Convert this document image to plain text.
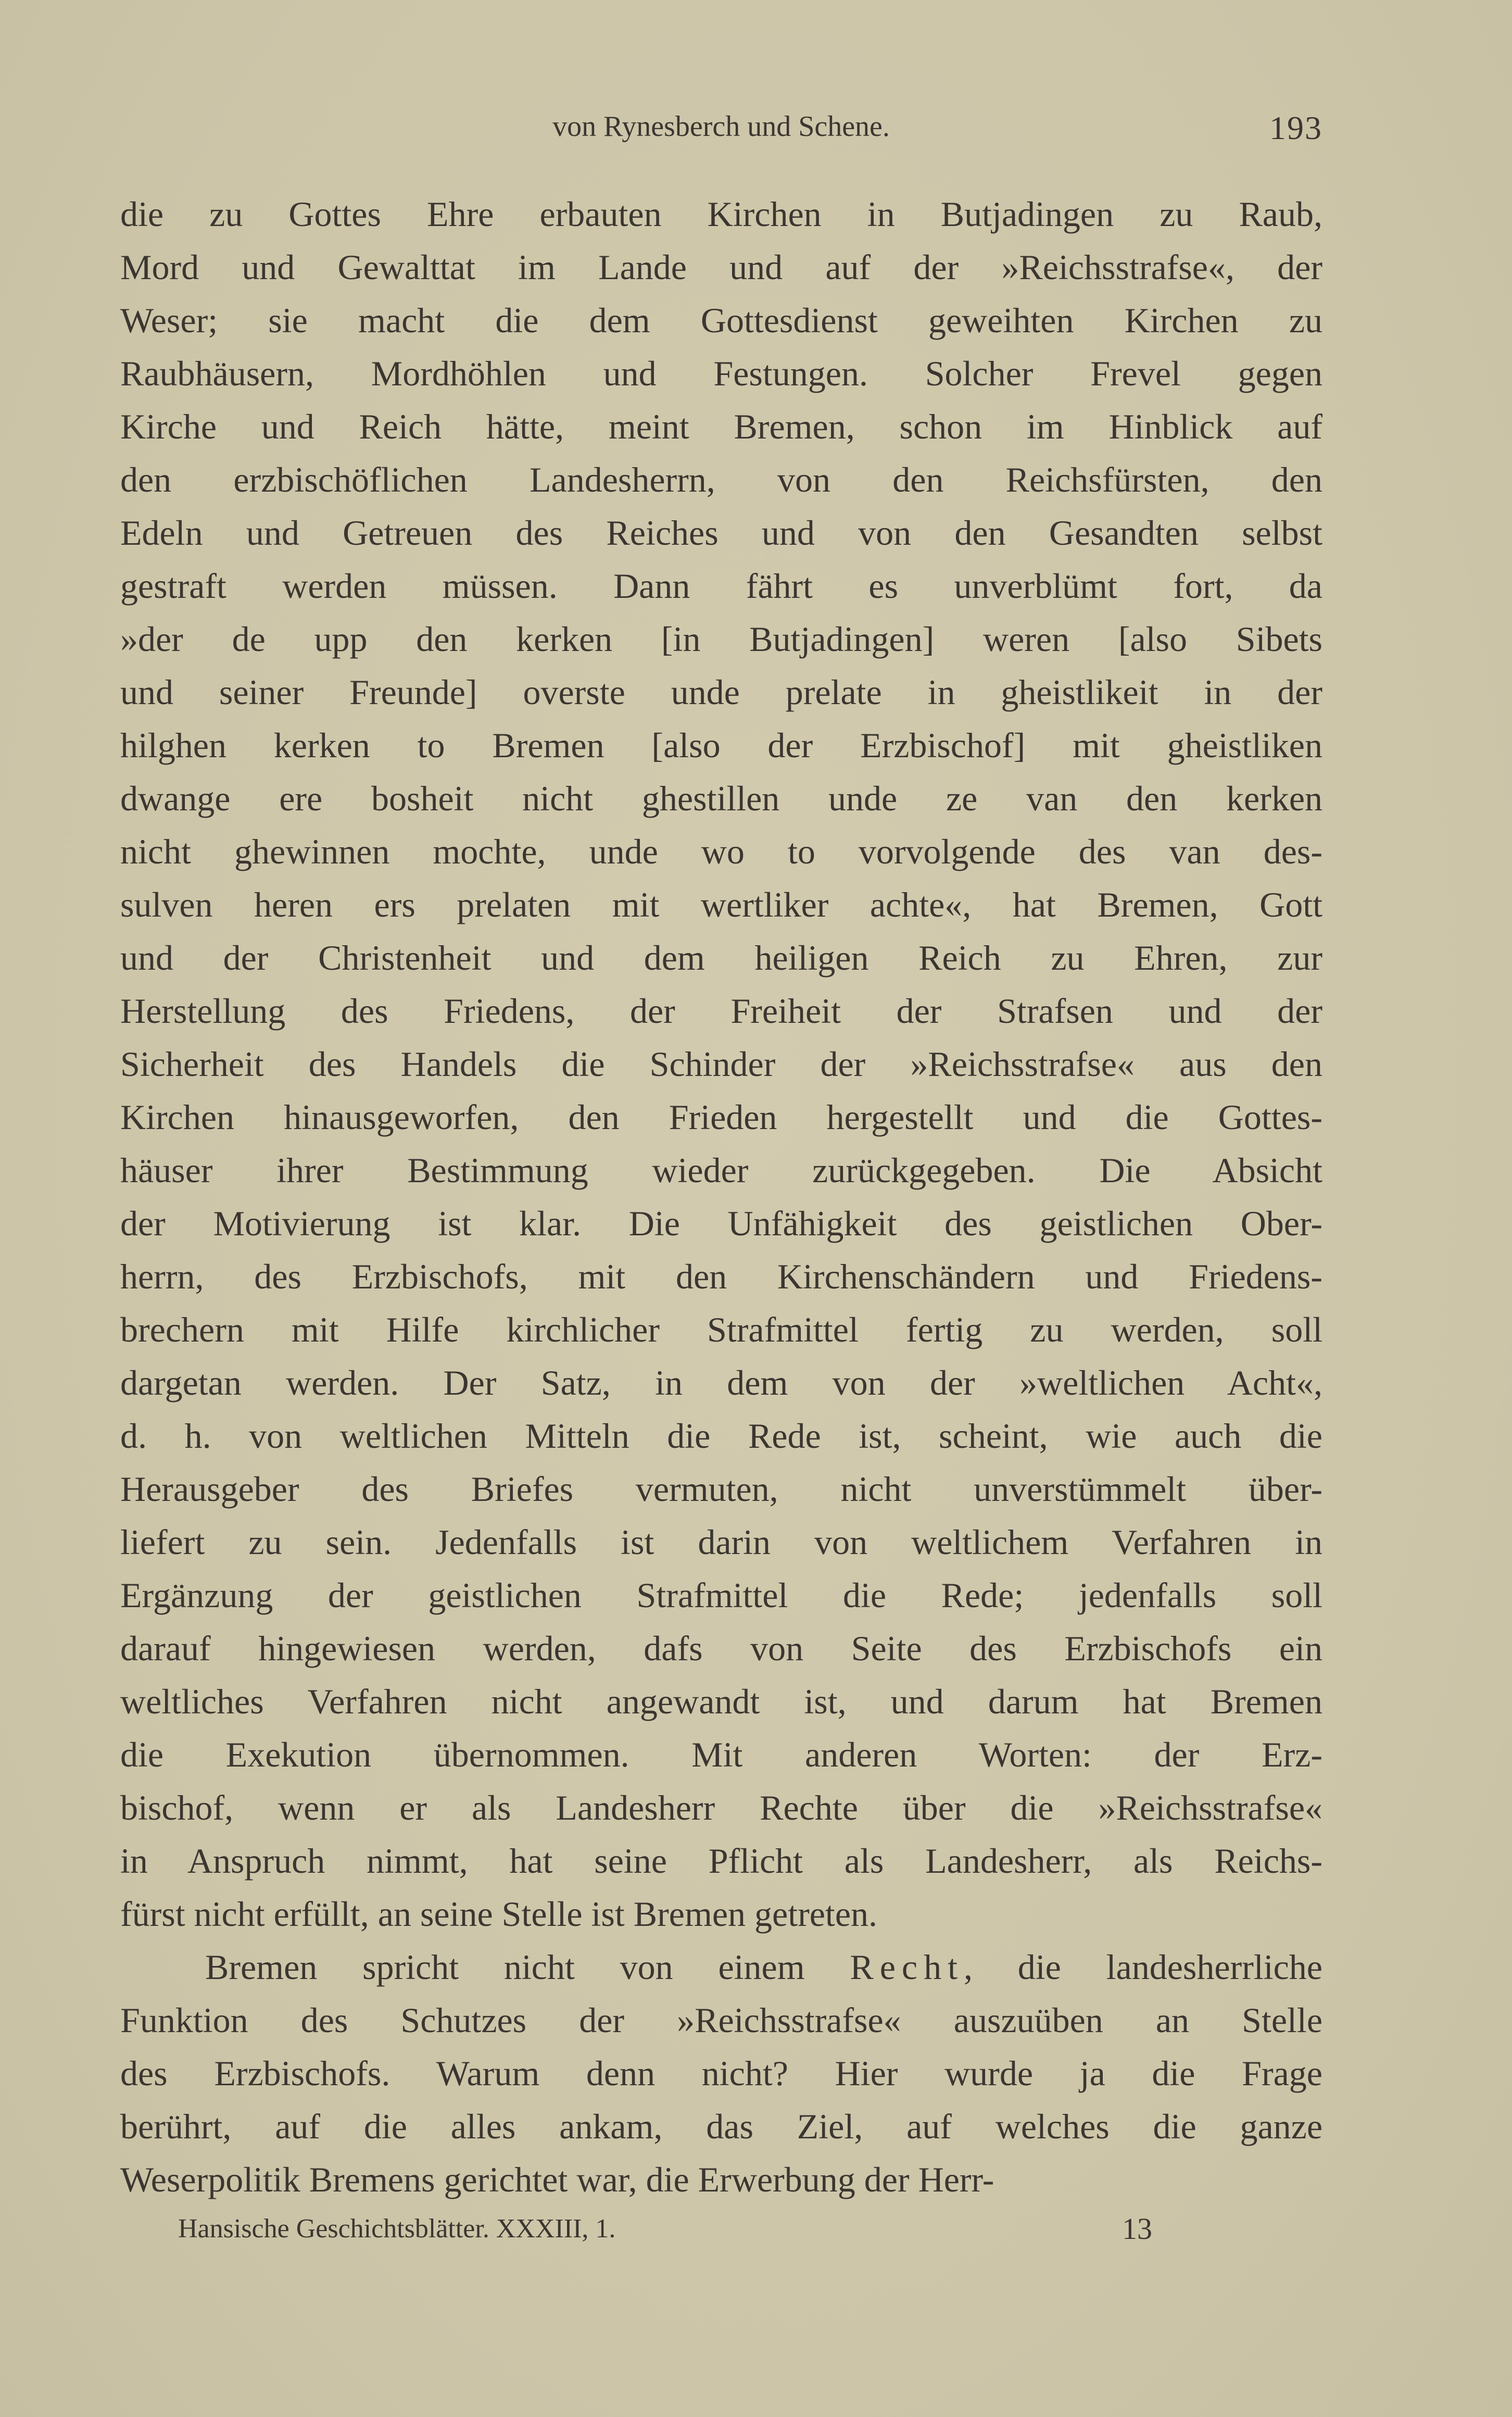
von Rynesberch und Schene.	193
die zu Gottes Ehre erbauten Kirchen in Butjadingen zu Raub,
Mord und Gewalttat im Lande und auf der »Reichsstrafse«, der
Weser; sie macht die dem Gottesdienst geweihten Kirchen zu
Raubhäusern, Mordhöhlen und Festungen. Solcher Frevel gegen
Kirche und Reich hätte, meint Bremen, schon im Hinblick auf
den erzbischöflichen Landesherrn, von den Reichsfürsten, den
Edeln und Getreuen des Reiches und von den Gesandten selbst
gestraft werden müssen. Dann fährt es unverblümt fort, da
»der de upp den kerken [in Butjadingen] weren [also Sibets
und seiner Freunde] overste unde prelate in gheistlikeit in der
hilghen kerken to Bremen [also der Erzbischof] mit gheistliken
dwange ere bosheit nicht ghestillen unde ze van den kerken
nicht ghewinnen mochte, unde wo to vorvolgende des van des-
sulven heren ers prelaten mit wertliker achte«, hat Bremen, Gott
und der Christenheit und dem heiligen Reich zu Ehren, zur
Herstellung des Friedens, der Freiheit der Strafsen und der
Sicherheit des Handels die Schinder der »Reichsstrafse« aus den
Kirchen hinausgeworfen, den Frieden hergestellt und die Gottes-
häuser ihrer Bestimmung wieder zurückgegeben. Die Absicht
der Motivierung ist klar. Die Unfähigkeit des geistlichen Ober-
herrn, des Erzbischofs, mit den Kirchenschändern und Friedens-
brechern mit Hilfe kirchlicher Strafmittel fertig zu werden, soll
dargetan werden. Der Satz, in dem von der »weltlichen Acht«,
d. h. von weltlichen Mitteln die Rede ist, scheint, wie auch die
Herausgeber des Briefes vermuten, nicht unverstümmelt über-
liefert zu sein. Jedenfalls ist darin von weltlichem Verfahren in
Ergänzung der geistlichen Strafmittel die Rede; jedenfalls soll
darauf hingewiesen werden, dafs von Seite des Erzbischofs ein
weltliches Verfahren nicht angewandt ist, und darum hat Bremen
die Exekution übernommen. Mit anderen Worten: der Erz-
bischof, wenn er als Landesherr Rechte über die »Reichsstrafse«
in Anspruch nimmt, hat seine Pflicht als Landesherr, als Reichs-
fürst nicht erfüllt, an seine Stelle ist Bremen getreten.
Bremen spricht nicht von einem Recht, die landesherrliche
Funktion des Schutzes der »Reichsstrafse« auszuüben an Stelle
des Erzbischofs. Warum denn nicht? Hier wurde ja die Frage
berührt, auf die alles ankam, das Ziel, auf welches die ganze
Weserpolitik Bremens gerichtet war, die Erwerbung der Herr-
Hansische Geschichtsblätter. XXXIII, 1.	13
